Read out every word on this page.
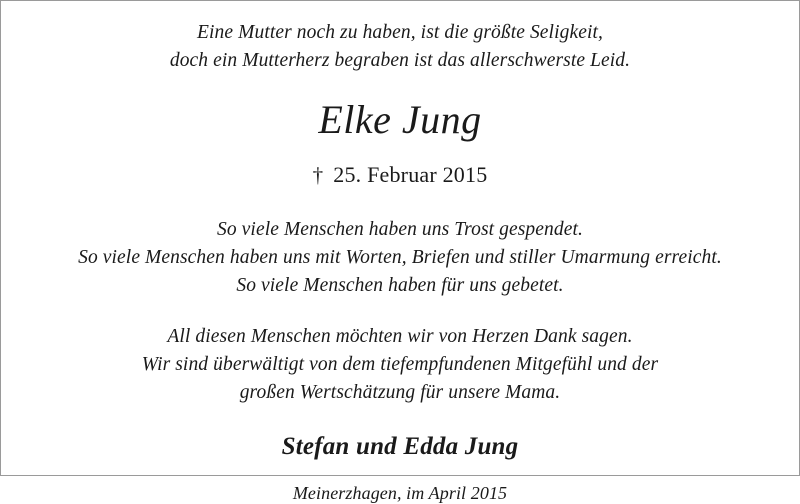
Eine Mutter noch zu haben, ist die größte Seligkeit,
doch ein Mutterherz begraben ist das allerschwerste Leid.
Elke Jung
† 25. Februar 2015
So viele Menschen haben uns Trost gespendet.
So viele Menschen haben uns mit Worten, Briefen und stiller Umarmung erreicht.
So viele Menschen haben für uns gebetet.
All diesen Menschen möchten wir von Herzen Dank sagen.
Wir sind überwältigt von dem tiefempfundenen Mitgefühl und der
großen Wertschätzung für unsere Mama.
Stefan und Edda Jung
Meinerzhagen, im April 2015
